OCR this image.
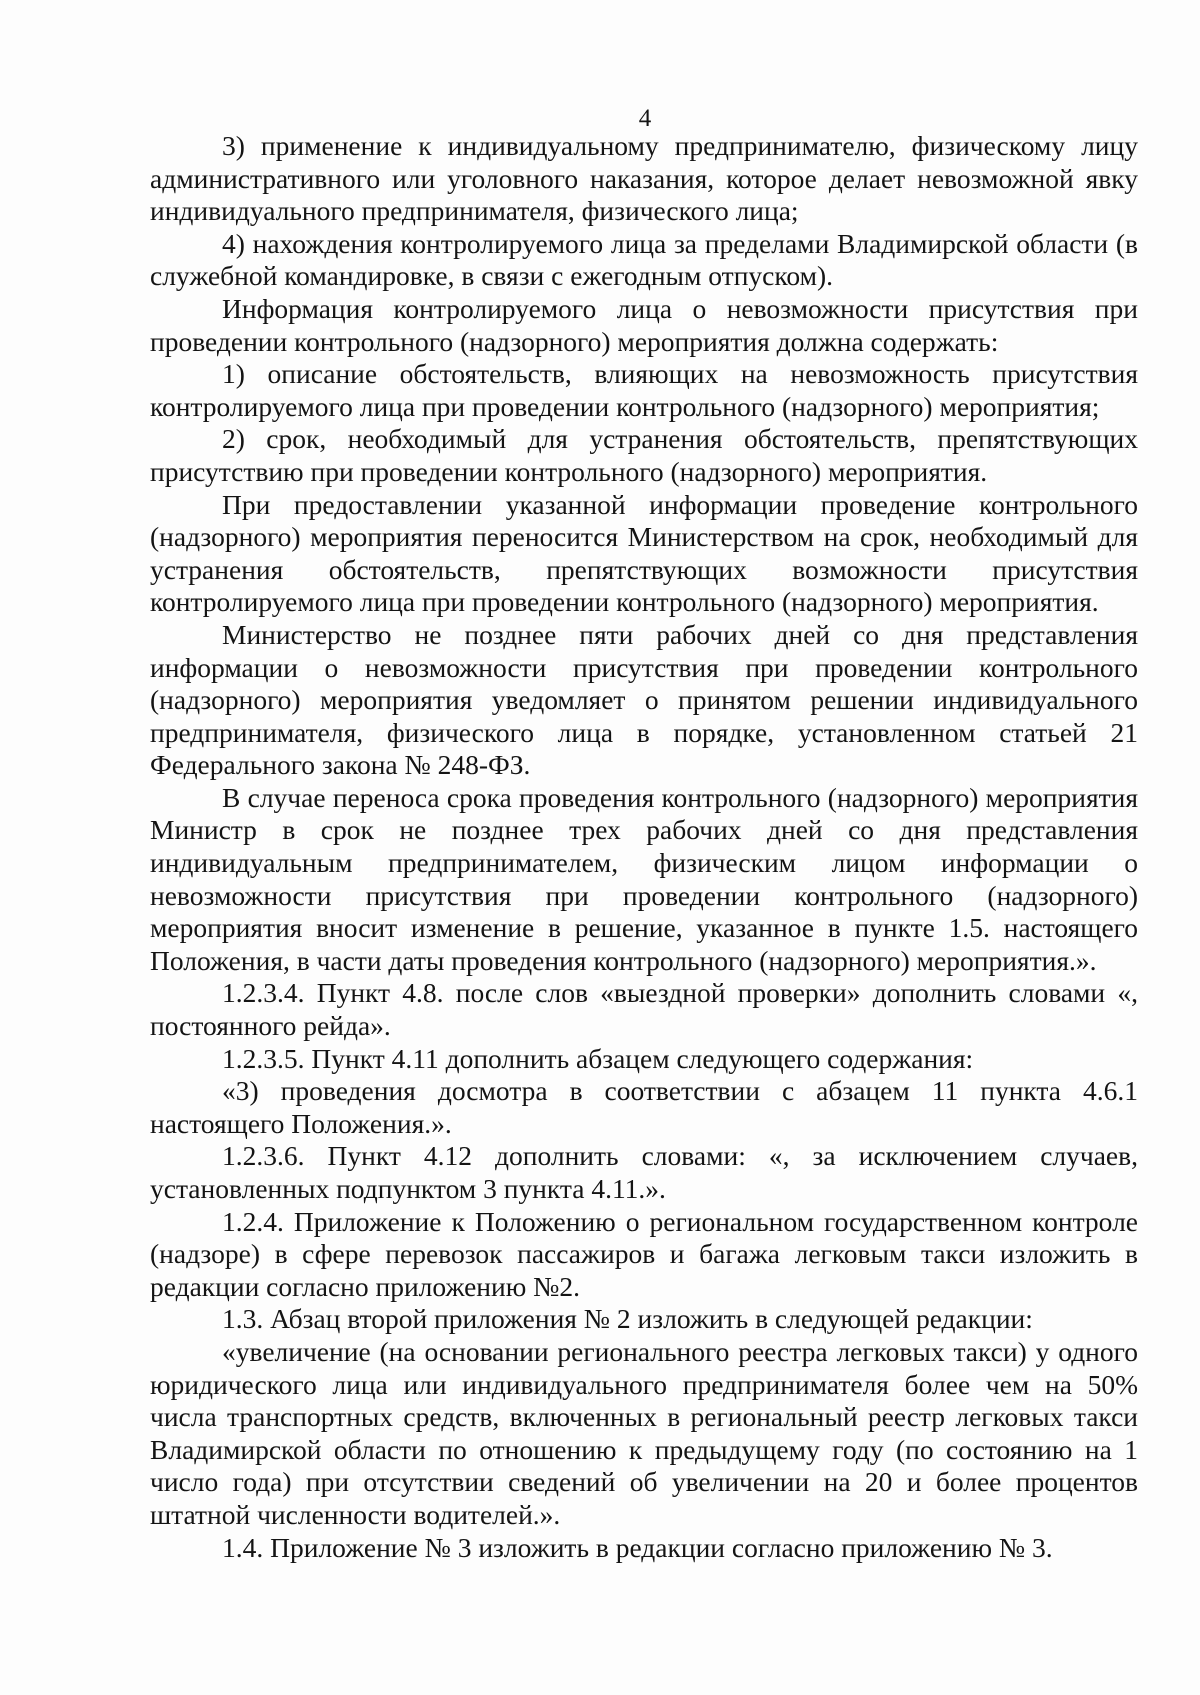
4

3) применение к индивидуальному предпринимателю, физическому лицу административного или уголовного наказания, которое делает невозможной явку индивидуального предпринимателя, физического лица;

4) нахождения контролируемого лица за пределами Владимирской области (в служебной командировке, в связи с ежегодным отпуском).

Информация контролируемого лица о невозможности присутствия при проведении контрольного (надзорного) мероприятия должна содержать:

1) описание обстоятельств, влияющих на невозможность присутствия контролируемого лица при проведении контрольного (надзорного) мероприятия;

2) срок, необходимый для устранения обстоятельств, препятствующих присутствию при проведении контрольного (надзорного) мероприятия.

При предоставлении указанной информации проведение контрольного (надзорного) мероприятия переносится Министерством на срок, необходимый для устранения обстоятельств, препятствующих возможности присутствия контролируемого лица при проведении контрольного (надзорного) мероприятия.

Министерство не позднее пяти рабочих дней со дня представления информации о невозможности присутствия при проведении контрольного (надзорного) мероприятия уведомляет о принятом решении индивидуального предпринимателя, физического лица в порядке, установленном статьей 21 Федерального закона № 248-ФЗ.

В случае переноса срока проведения контрольного (надзорного) мероприятия Министр в срок не позднее трех рабочих дней со дня представления индивидуальным предпринимателем, физическим лицом информации о невозможности присутствия при проведении контрольного (надзорного) мероприятия вносит изменение в решение, указанное в пункте 1.5. настоящего Положения, в части даты проведения контрольного (надзорного) мероприятия.».

1.2.3.4. Пункт 4.8. после слов «выездной проверки» дополнить словами «, постоянного рейда».

1.2.3.5. Пункт 4.11 дополнить абзацем следующего содержания:

«3) проведения досмотра в соответствии с абзацем 11 пункта 4.6.1 настоящего Положения.».

1.2.3.6. Пункт 4.12 дополнить словами: «, за исключением случаев, установленных подпунктом 3 пункта 4.11.».

1.2.4. Приложение к Положению о региональном государственном контроле (надзоре) в сфере перевозок пассажиров и багажа легковым такси изложить в редакции согласно приложению №2.

1.3. Абзац второй приложения № 2 изложить в следующей редакции:

«увеличение (на основании регионального реестра легковых такси) у одного юридического лица или индивидуального предпринимателя более чем на 50% числа транспортных средств, включенных в региональный реестр легковых такси Владимирской области по отношению к предыдущему году (по состоянию на 1 число года) при отсутствии сведений об увеличении на 20 и более процентов штатной численности водителей.».

1.4. Приложение № 3 изложить в редакции согласно приложению № 3.
